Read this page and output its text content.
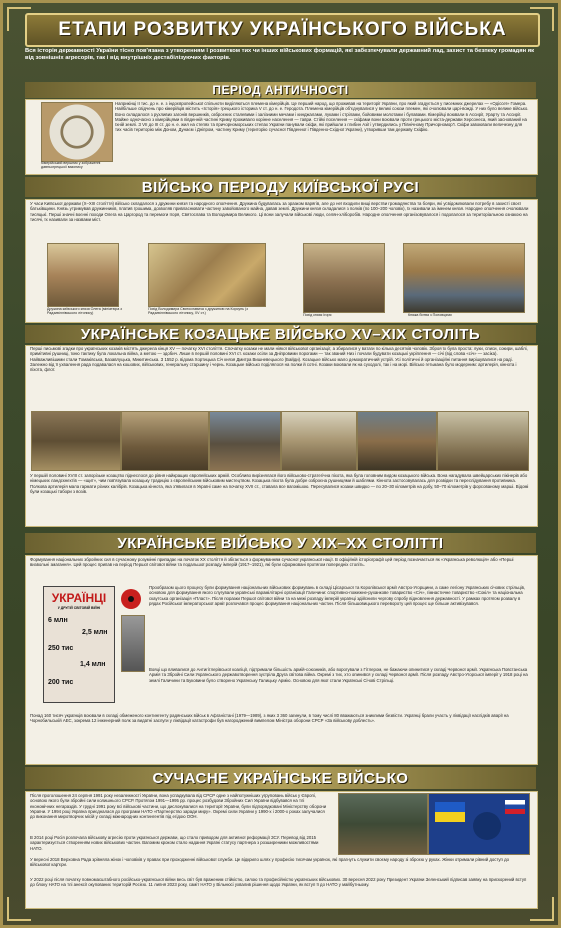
ЕТАПИ РОЗВИТКУ УКРАЇНСЬКОГО ВІЙСЬКА
Вся історія державності України тісно пов'язана з утворенням і розвитком тих чи інших військових формацій, які забезпечували державний лад, захист та безпеку громадян як від зовнішніх агресорів, так і від внутрішніх дестабілізуючих факторів.
ПЕРІОД АНТИЧНОСТІ
Кімерійський вершник у зображенні давньогрецької вазопису
Наприкінці II тис. до н. е. з індоєвропейської спільноти виділяються племена кімерійців. Це перший народ, що проживав на території України, про який згадується у писемних джерелах — «Одіссеї» Гомера. Найбільше свідчень про кімерійців містить «Історія» грецького історика V ст. до н. е. Геродота. Племена кімерійців об'єднувалися у великі союзи племен, які очолювали царі-вожді. У них було велике військо. Воно складалося з рухливих загонів вершників, озброєних сталевими і залізними мечами і кинджалами, луками і стрілами, бойовими молотами і булавами. Кімерійці воювали в Ассирії, Урарту та Ассирії. Майже одночасно з кімерійцями в південній частині Криму проживало корінне населення — таври. Стійкі поселення — скіфами вони воювали проти грецького міста-держави Херсонеса, який заснований на їхній землі. З VII до III ст. до н. е. жил на степях та причорноморських степах України панували скіфи, які прийшли з глибин Азії і утвердились у Північному Причорномор'ї. Скіфи завоювали величезну для тих часів територію між Доном, Дунаєм і Дніпром, частину Криму (територію сучасної Південної і Південно-Східної України), утворивши там державу Скіфію.
ВІЙСЬКО ПЕРІОДУ КИЇВСЬКОЇ РУСІ
У часи Київської держави (X–XIII століття) військо складалося з дружини князя та народного ополчення. Дружина будувалась за зразком варягів, але до неї входили вищі верстви громадянства та бояри, які усвідомлювали потребу в захисті своєї батьківщини. Князь утримував дружинників, платив грошима, дозволяв привласнювати частину завойованого майна, давав землі. Дружини князя складалися з полків (по 100–200 чоловік), їх називали за іменем князя. Народне ополчення очолювали тисяцькі. Перші значні воєнні походи Олега на Царгород та перемоги Ігоря, Святослава та Володимира Великого. Ці вони залучали військові люди, селян-хліборобів. Народне ополчення організовувалося і подолалося за територіальною ознакою на тисячі, їх називали за назвами міст.
Дружина київського князя Олега (мініатюра з Радзивіллівського літопису)
Похід Володимира Святославича з дружиною на Корсунь (з Радзивіллівського літопису, XV ст.)	Похід князя Ігоря	Княжа битва з Половцями
УКРАЇНСЬКЕ КОЗАЦЬКЕ ВІЙСЬКО XV–XIX СТОЛІТЬ
Перші письмові згадки про українських козаків містять джерела кінця XV — початку XVI століття. Спочатку козаки не мали ніякої військової організації, а збиралися у ватаги по кілька десятків чоловік. Зброя їх була проста: луки, списи, сокири, шаблі, примітивні рушниці, їхню тактику була локальна війна, а метою — здобич. Лише в першій половині XVI ст. козаки осіли за Дніпровими порогами — так званий Низ і почали будувати козацькі укріплення — січі (від слова «січ» — засіка). Найважливішими стали Томаківська, Базавлуцька, Микитинська. З 1552 р. відома Хортицька Січ князя Дмитра Вишневецького (Байди). Козацьке військо мало демократичний устрій. Усі політичні й організаційні питання вирішувалися на раді. Залежно від її ухвалення рада подавалася на кошових, військових, генеральну старшину і чернь. Козацьке військо поділялося на полки й сотні. Козаки воювали як на суходолі, так і на морі. Військо гетьмана було модерним: артилерія, кіннота і піхота, флот.
У першій половині XVIII ст. запорізьке козацтво піднеслося до рівня найкращих європейських армій. Особливо вирізнялася його військово-стратегічна піхота, яка була головним видом козацького війська. Вона нагадувала швейцарських пікінерів або німецьких ландскнехтів — «щит», чим пов'язувала козацьку традицію з європейським військовим мистецтвом. Козацька піхота була добре озброєна рушницями й шаблями. Кіннота застосовувалась для розвідки та переслідування противника. Полкова артилерія мала гармати різних калібрів. Козацька кіннота, яка з'явилася в Україні саме на початку XVII ст., ставала все вагомішою. Пересувалися козаки швидко — по 20–30 кілометрів на добу, 50–70 кілометрів у форсованому марші. Відомі були козацькі табори з возів.
УКРАЇНСЬКЕ ВІЙСЬКО У XIX–XX СТОЛІТТІ
Формування національних збройних сил в сучасному розумінні припадає на початок XX століття й збігається з формуванням сучасної української нації. В офіційній історіографії цей період позначається як «Українська революція» або «Перші визвольні змагання». Цей процес припав на період Першої світової війни та подальшої розпаду імперій (1917–1921), які були сформовані протягом попередніх століть.
УКРАЇНЦІ
У ДРУГІЙ СВІТОВІЙ ВІЙНІ
6 млн
2,5 млн
250 тис
1,4 млн
200 тис
Прообразом цього процесу були формування національних військових формувань в складі Цісарської та Королівської армії Австро-Угорщини, а саме легіону Українських січових стрільців, основою для формування якого слугували українські парамілітарні організації Галичини: спортивно-пожежне-руханкове товариство «Січ», гімнастичне товариство «Сокіл» та національна скаутська організація «Пласт». Після поразки Першої світової війни та на межі розпаду імперій українці здійснили чергову спробу відновлення державності. У рамках протягом розвалу в рядах Російської імператорської армії розпочався процес формування національних частин. Після більшовицького перевороту цей процес ще більше активізувався.
Вояці що вливалися до Антигітлерівської коаліції, підтримали більшість армій-союзників, або ворогували з Гітлером, не бажаючи опинитися у складі Червоної армії. Українська Повстанська Армія та Збройні Сили Українського державотворення зустріла Друга світова війна. Окремі з тих, хто опинився у складі Червоної армії. Після розпаду Австро-Угорської імперії у 1918 році на землі Галичини та Буковини було створено Українську Галицьку Армію. Основою для якої стали Українські Січові Стрільці.
Понад 160 тисяч українців воювали в складі обмеженого контингенту радянських військ в Афганістані (1979—1989), з яких 3 360 загинули, в тому числі 80 вважаються зниклими безвісти. Українці брали участь у ліквідації наслідків аварії на Чорнобильській АЕС, зокрема 12 інженерний полк за видатні заслуги у ліквідації катастрофи був нагороджений вимпелом Міністра оборони СРСР «За військову доблесть».
СУЧАСНЕ УКРАЇНСЬКЕ ВІЙСЬКО
Після проголошення 24 серпня 1991 року незалежності України, вона успадкувала від СРСР одне з найпотужніших угруповань військ у Європі, основою якого були збройні сили колишнього СРСР. Протягом 1991—1995 рр. процес розбудови Збройних Сил України відбувався на тлі економічних негараздів. У грудні 1991 року всі військові частини, що дислокувалися на території України, були підпорядковані Міністерству оборони України. У 1994 році Україна приєдналася до програми НАТО «Партнерство заради миру». Окремі сили України у 1990-х і 2000-х роках залучалися до виконання миротворчих місій у складі міжнародних контингентів під егідою ООН.
В 2014 році Росія розпочала військову агресію проти української держави, що стало приводом для активної реформації ЗСУ. Перевод від 2015 характеризується створенням нових військових частин. Вагомим кроком стало надання Україні статусу партнера з розширеними можливостями НАТО.
У вересні 2018 Верховна Рада зрівняла жінок і чоловіків у правах при проходженні військової служби. Це відкрило шлях у професію тисячам українок, які прагнуть служити своєму народу зі зброєю у руках. Жінки отримали рівний доступ до військової кар'єри.
У 2022 році після початку повномасштабного російсько-української війни весь світ був враженим стійкістю, силою та професійністю українських військових. 30 вересня 2022 року Президент України Зеленський підписав заявку на прискорений вступ до блоку НАТО на тлі анексії окупованих територій Росією. 11 липня 2023 року, саміт НАТО у Вільнюсі ухвалив рішення щодо України, як вступ її до НАТО у майбутньому.
